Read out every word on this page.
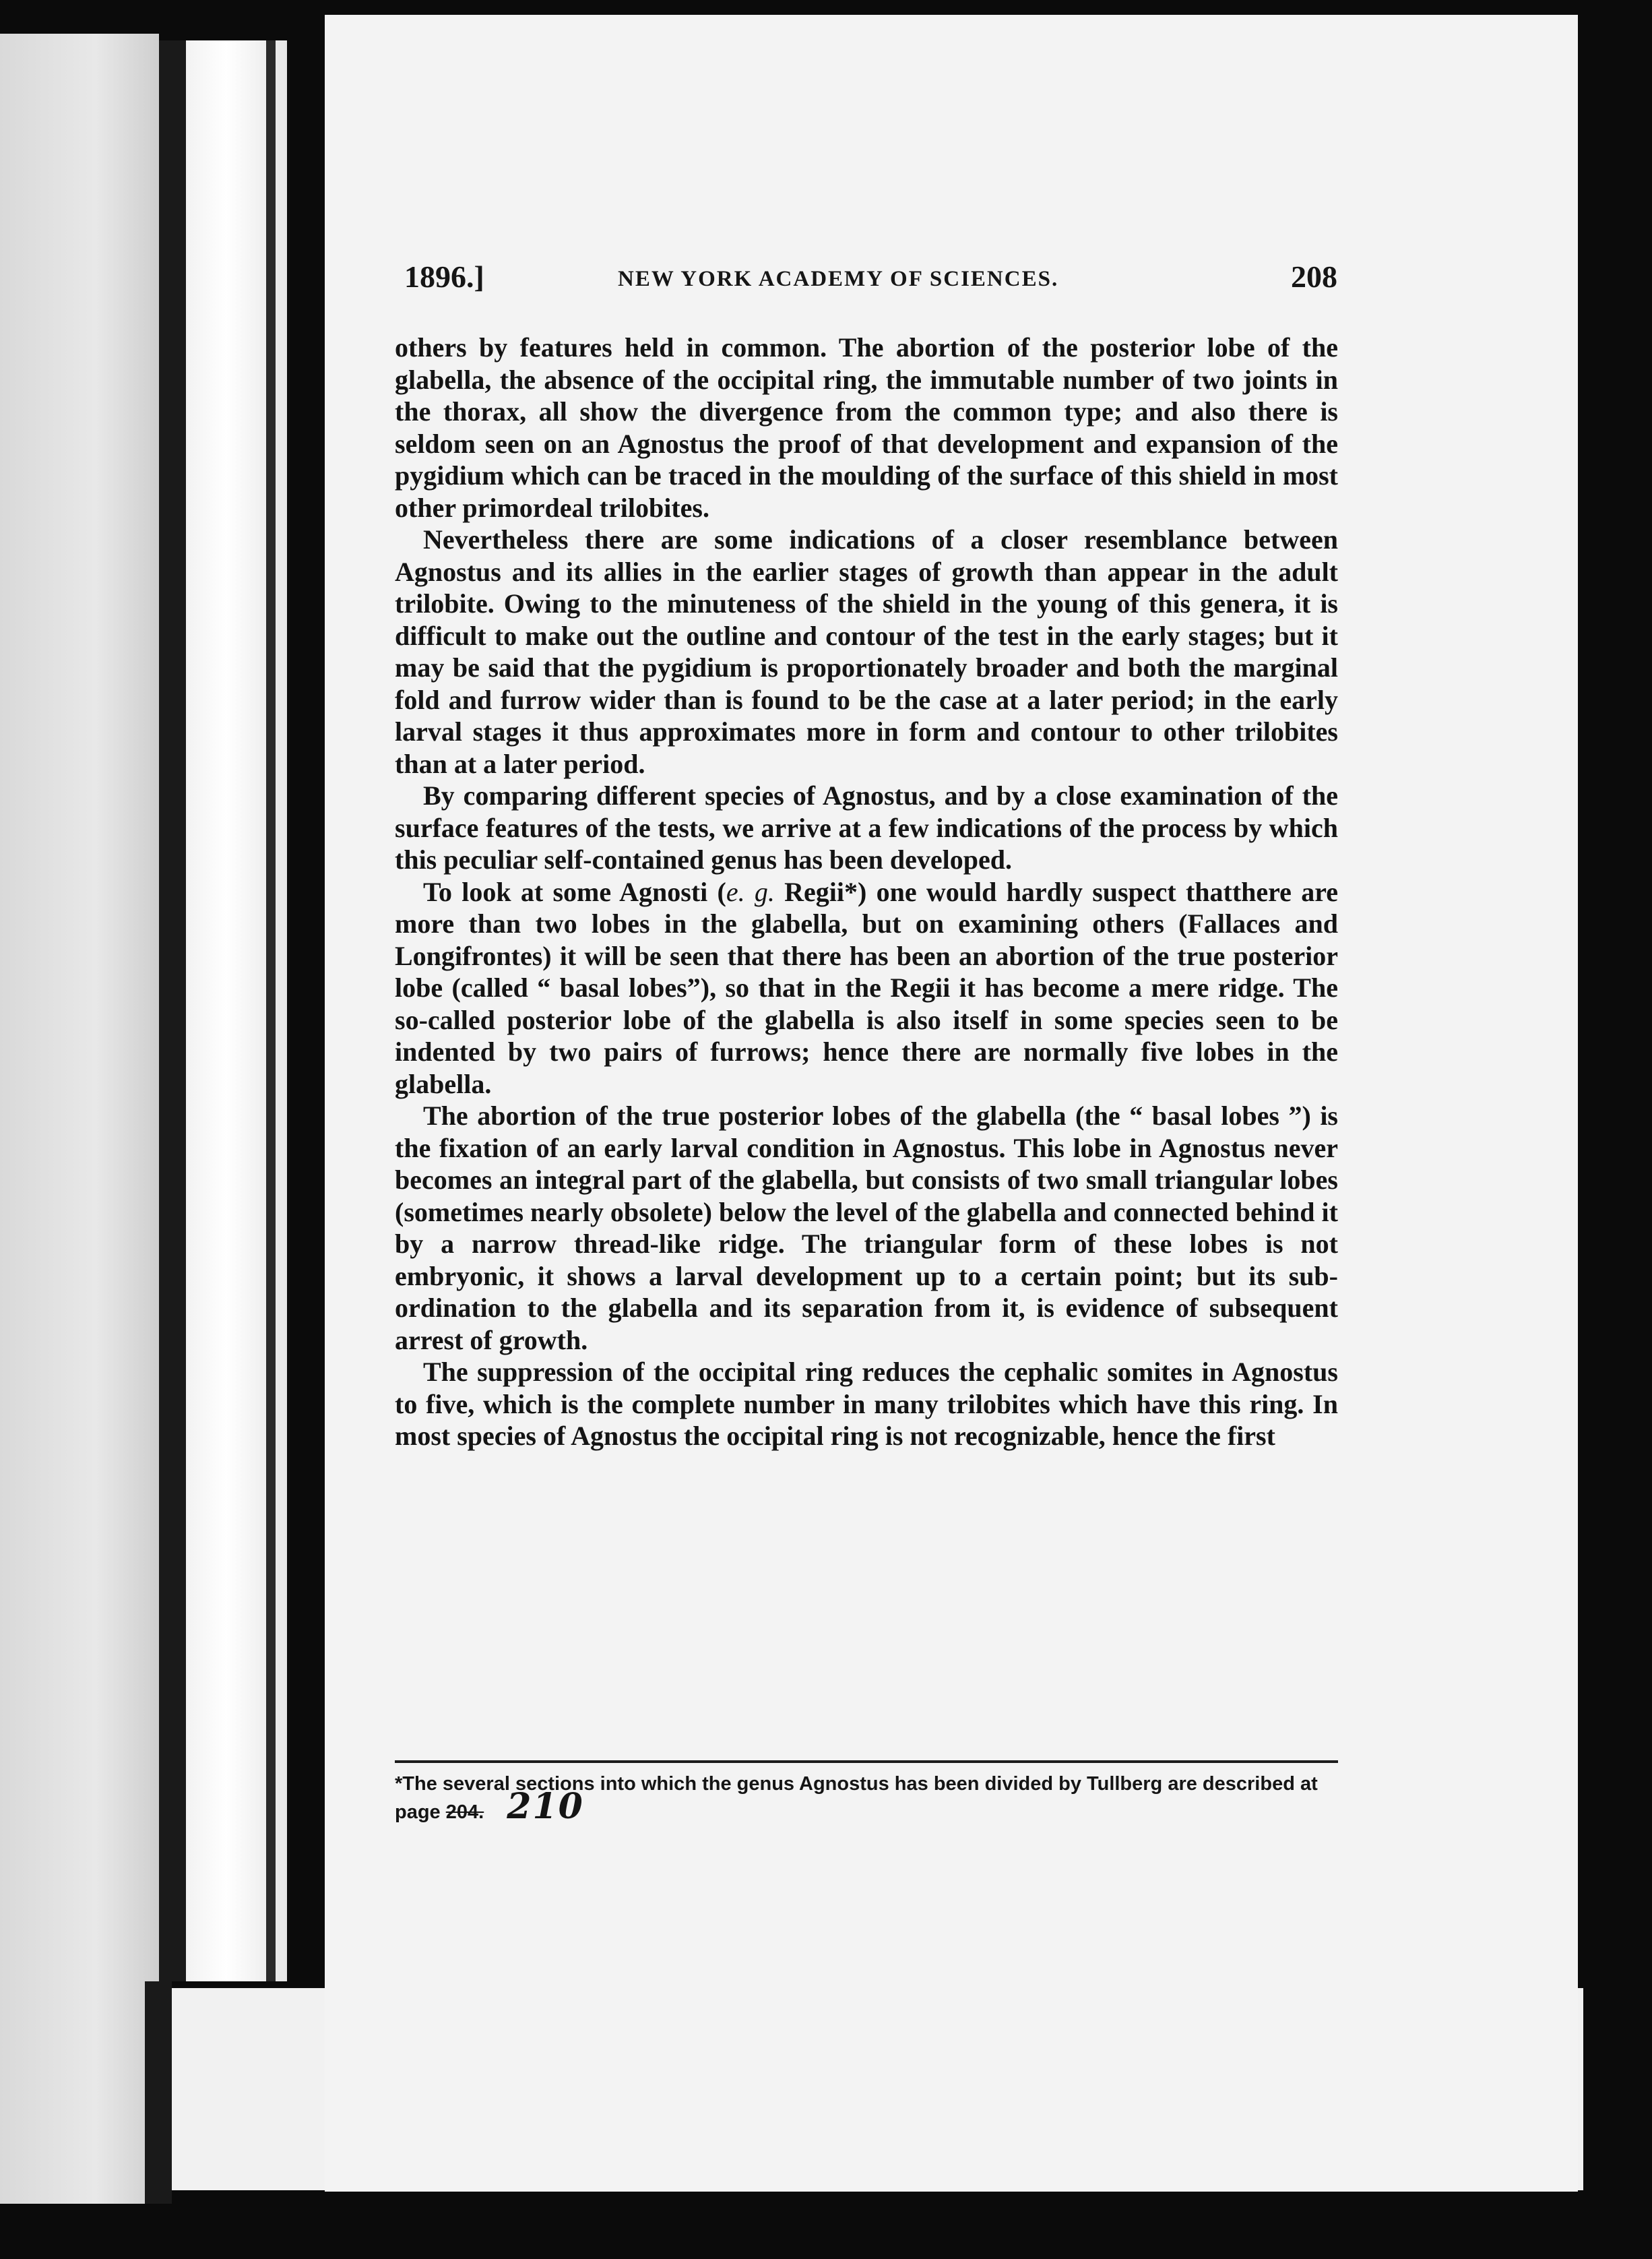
1896.]	NEW YORK ACADEMY OF SCIENCES.	208

others by features held in common. The abortion of the posterior lobe of the glabella, the absence of the occipital ring, the immutable number of two joints in the thorax, all show the divergence from the common type; and also there is seldom seen on an Agnostus the proof of that development and expansion of the pygidium which can be traced in the moulding of the surface of this shield in most other primordeal trilobites.

Nevertheless there are some indications of a closer resemblance between Agnostus and its allies in the earlier stages of growth than appear in the adult trilobite. Owing to the minuteness of the shield in the young of this genera, it is difficult to make out the outline and contour of the test in the early stages; but it may be said that the pygidium is proportionately broader and both the marginal fold and furrow wider than is found to be the case at a later period; in the early larval stages it thus approximates more in form and contour to other trilobites than at a later period.

By comparing different species of Agnostus, and by a close examination of the surface features of the tests, we arrive at a few indications of the process by which this peculiar self-contained genus has been developed.

To look at some Agnosti (e. g. Regii*) one would hardly suspect thatthere are more than two lobes in the glabella, but on examining others (Fallaces and Longifrontes) it will be seen that there has been an abortion of the true posterior lobe (called “ basal lobes”), so that in the Regii it has become a mere ridge. The so-called posterior lobe of the glabella is also itself in some species seen to be indented by two pairs of furrows; hence there are normally five lobes in the glabella.

The abortion of the true posterior lobes of the glabella (the “ basal lobes ”) is the fixation of an early larval condition in Agnostus. This lobe in Agnostus never becomes an integral part of the glabella, but consists of two small triangular lobes (sometimes nearly obsolete) below the level of the glabella and connected behind it by a narrow thread-like ridge. The triangular form of these lobes is not embryonic, it shows a larval development up to a certain point; but its sub-ordination to the glabella and its separation from it, is evidence of subsequent arrest of growth.

The suppression of the occipital ring reduces the cephalic somites in Agnostus to five, which is the complete number in many trilobites which have this ring. In most species of Agnostus the occipital ring is not recognizable, hence the first

*The several sections into which the genus Agnostus has been divided by Tullberg are described at page 204. 210
